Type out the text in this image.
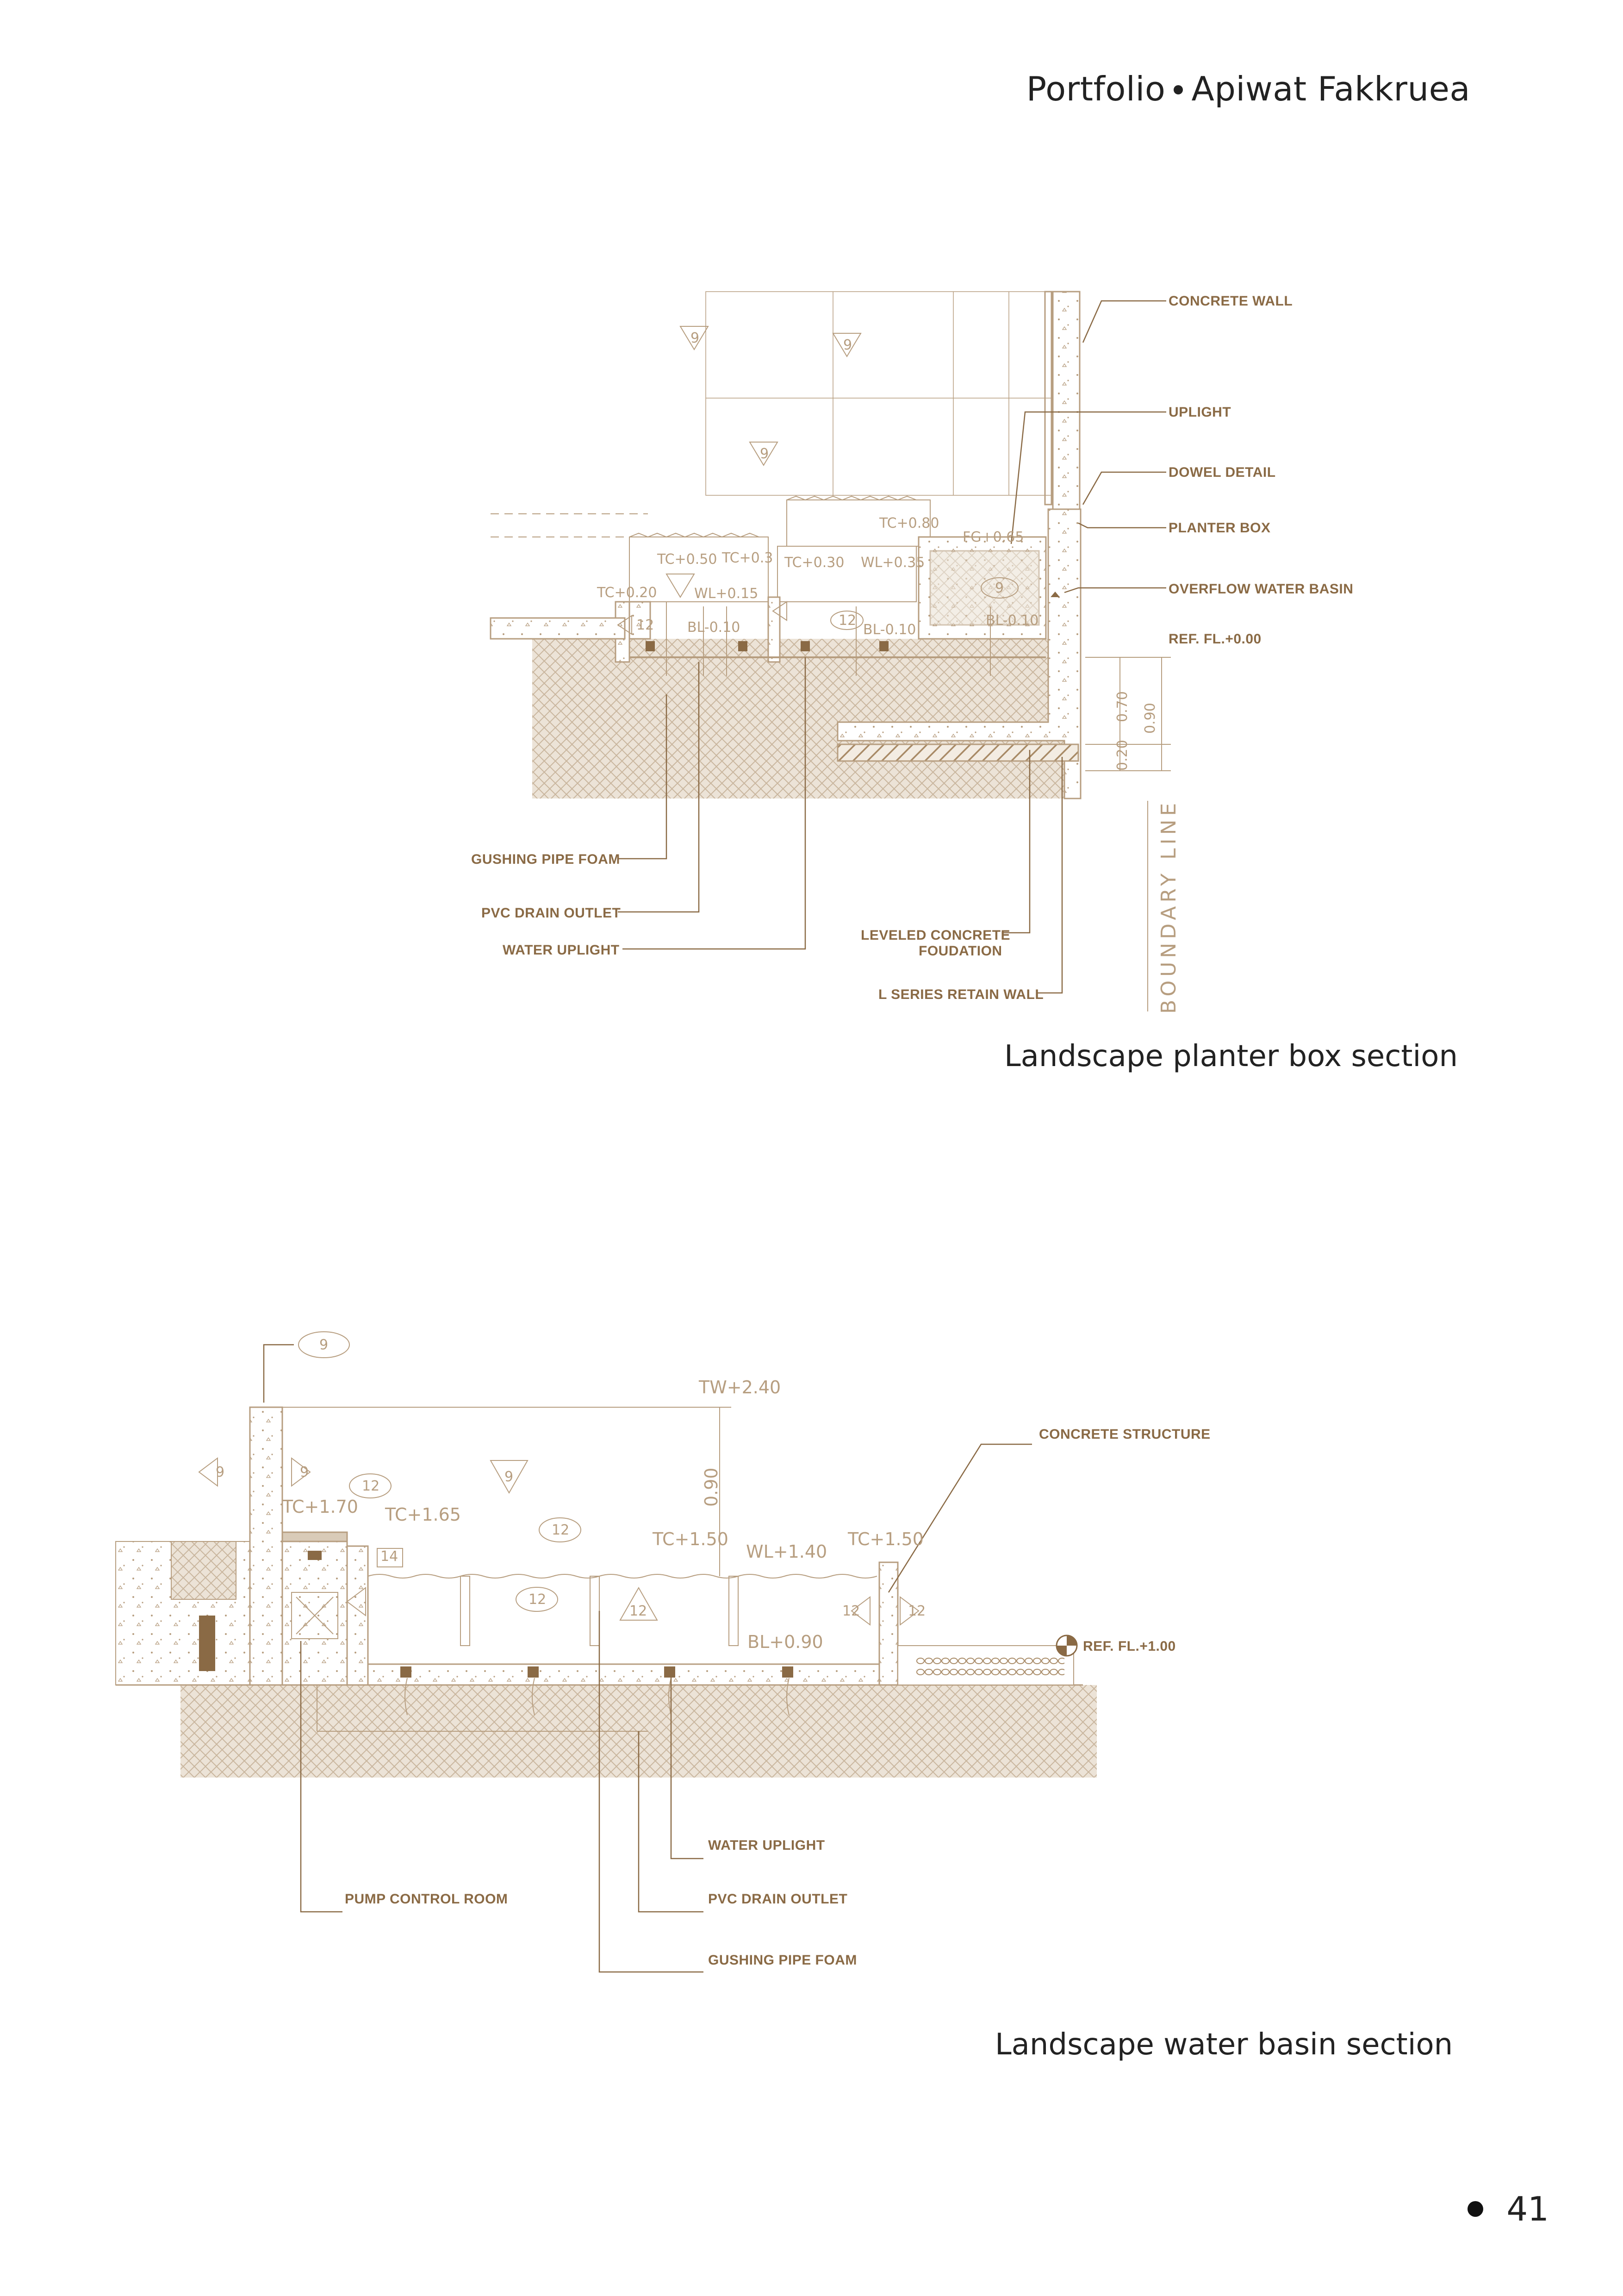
Portfolio Apiwat Fakkruea
CONCRETE WALL
UPLIGHT
DOWEL DETAIL
PLANTER BOX
OVERFLOW WATER BASIN
REF. FL.+0.00
GUSHING PIPE FOAM
PVC DRAIN OUTLET
WATER UPLIGHT
LEVELED CONCRETE
FOUDATION
L SERIES RETAIN WALL	BOUNDARY LINE
TC+0.80
FG+0.65
TC+0.50 TC+0.3 TC+0.30 WL+0.35
TC+0.20	WL+0.15
BL-0.10	BL-0.10
BL-0.10
0.70 0.90
0.20
9	9
9
9
12
12
CONCRETE STRUCTURE
REF. FL.+1.00
WATER UPLIGHT
PUMP CONTROL ROOM	PVC DRAIN OUTLET
GUSHING PIPE FOAM
TW+2.40
0.90
TC+1.70 TC+1.65
TC+1.50
WL+1.40
TC+1.50
BL+0.90
9
9	9	9
12
12
12
12
14
12	12
Landscape planter box section
Landscape water basin section
41
